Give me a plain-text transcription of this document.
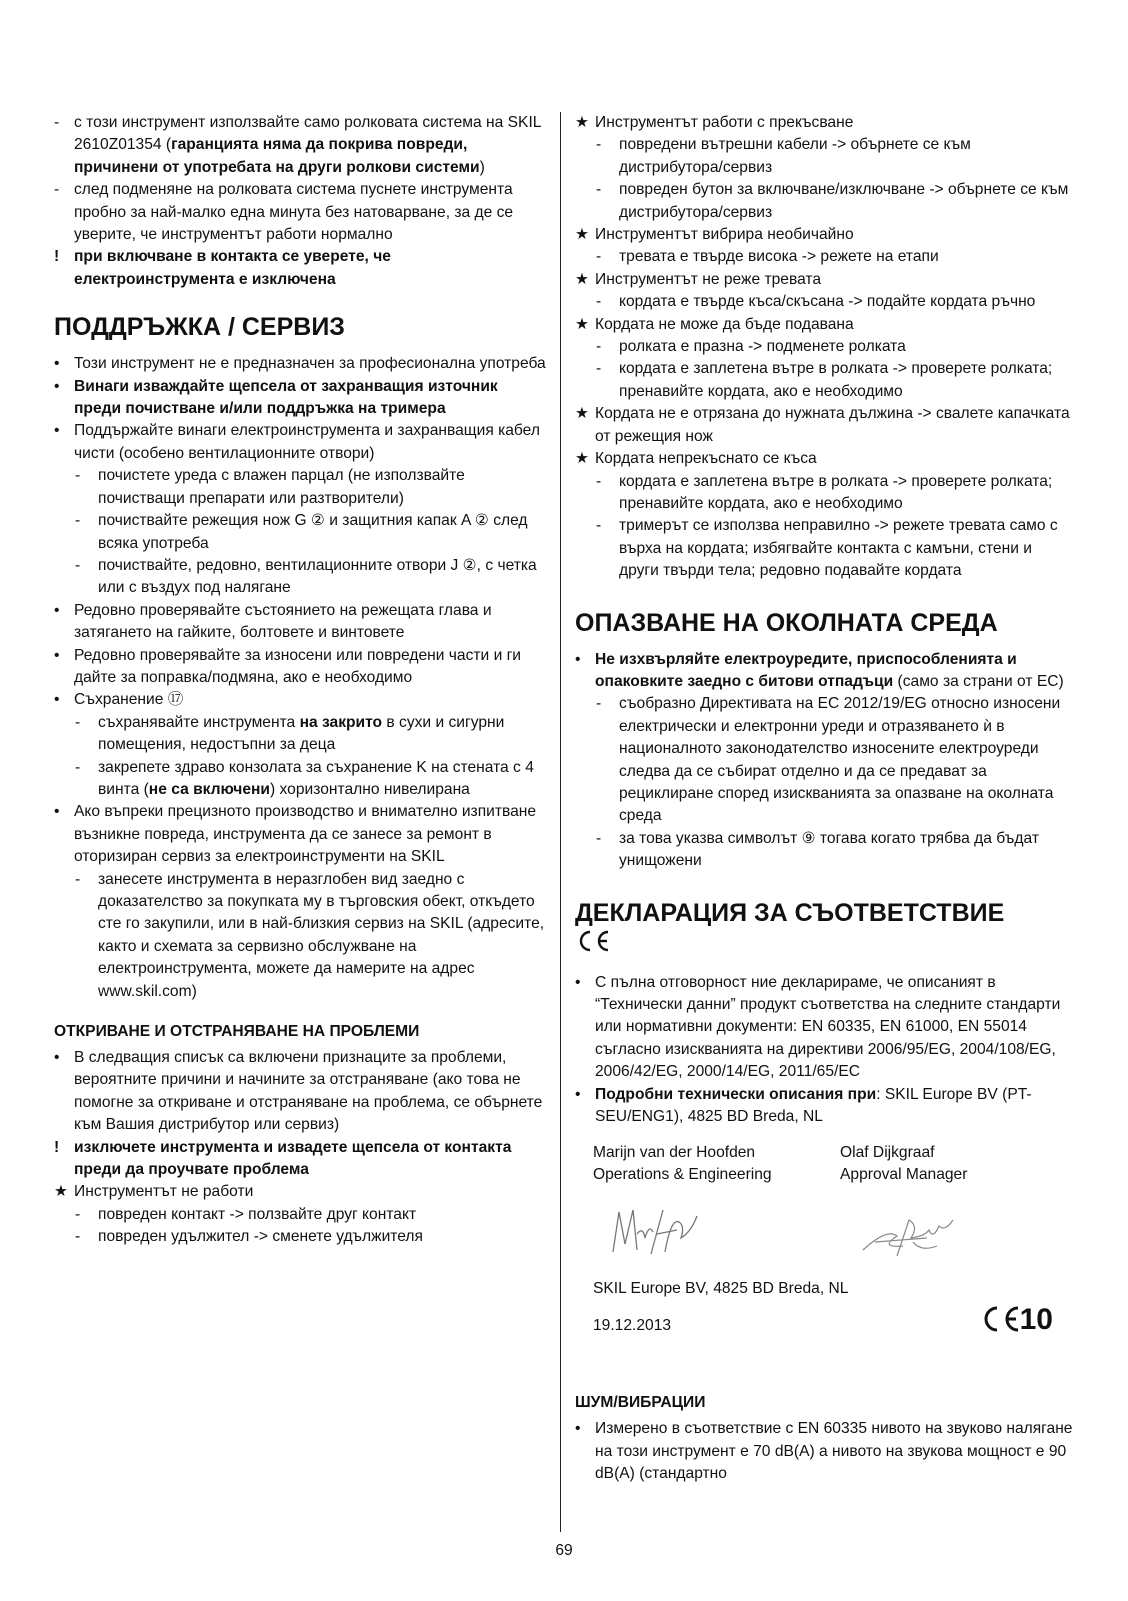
- с този инструмент използвайте само ролковата система на SKIL 2610Z01354 (гаранцията няма да покрива повреди, причинени от употребата на други ролкови системи)
- след подменяне на ролковата система пуснете инструмента пробно за най-малко една минута без натоварване, за де се уверите, че инструментът работи нормално
! при включване в контакта се уверете, че електроинструмента е изключена
ПОДДРЪЖКА / СЕРВИЗ
• Този инструмент не е предназначен за професионална употреба
• Винаги изваждайте щепсела от захранващия източник преди почистване и/или поддръжка на тримера
• Поддържайте винаги електроинструмента и захранващия кабел чисти (особено вентилационните отвори)
- почистете уреда с влажен парцал (не използвайте почистващи препарати или разтворители)
- почиствайте режещия нож G ② и защитния капак A ② след всяка употреба
- почиствайте, редовно, вентилационните отвори J ②, с четка или с въздух под налягане
• Редовно проверявайте състоянието на режещата глава и затягането на гайките, болтовете и винтовете
• Редовно проверявайте за износени или повредени части и ги дайте за поправка/подмяна, ако е необходимо
• Съхранение ⑰
- съхранявайте инструмента на закрито в сухи и сигурни помещения, недостъпни за деца
- закрепете здраво конзолата за съхранение K на стената с 4 винта (не са включени) хоризонтално нивелирана
• Ако въпреки прецизното производство и внимателно изпитване възникне повреда, инструмента да се занесе за ремонт в оторизиран сервиз за електроинструменти на SKIL
- занесете инструмента в неразглобен вид заедно с доказателство за покупката му в търговския обект, откъдето сте го закупили, или в най-близкия сервиз на SKIL (адресите, както и схемата за сервизно обслужване на електроинструмента, можете да намерите на адрес www.skil.com)
ОТКРИВАНЕ И ОТСТРАНЯВАНЕ НА ПРОБЛЕМИ
• В следващия списък са включени признаците за проблеми, вероятните причини и начините за отстраняване (ако това не помогне за откриване и отстраняване на проблема, се обърнете към Вашия дистрибутор или сервиз)
! изключете инструмента и извадете щепсела от контакта преди да проучвате проблема
★ Инструментът не работи
- повреден контакт -> ползвайте друг контакт
- повреден удължител -> сменете удължителя
★ Инструментът работи с прекъсване
- повредени вътрешни кабели -> обърнете се към дистрибутора/сервиз
- повреден бутон за включване/изключване -> обърнете се към дистрибутора/сервиз
★ Инструментът вибрира необичайно
- тревата е твърде висока -> режете на етапи
★ Инструментът не реже тревата
- кордата е твърде къса/скъсана -> подайте кордата ръчно
★ Кордата не може да бъде подавана
- ролката е празна -> подменете ролката
- кордата е заплетена вътре в ролката -> проверете ролката; пренавийте кордата, ако е необходимо
★ Кордата не е отрязана до нужната дължина -> свалете капачката от режещия нож
★ Кордата непрекъснато се къса
- кордата е заплетена вътре в ролката -> проверете ролката; пренавийте кордата, ако е необходимо
- тримерът се използва неправилно -> режете тревата само с върха на кордата; избягвайте контакта с камъни, стени и други твърди тела; редовно подавайте кордата
ОПАЗВАНЕ НА ОКОЛНАТА СРЕДА
• Не изхвърляйте електроуредите, приспособленията и опаковките заедно с битови отпадъци (само за страни от ЕС)
- съобразно Директивата на ЕС 2012/19/EG относно износени електрически и електронни уреди и отразяването ѝ в националното законодателство износените електроуреди следва да се събират отделно и да се предават за рециклиране според изискванията за опазване на околната среда
- за това указва символът ⑨ тогава когато трябва да бъдат унищожени
ДЕКЛАРАЦИЯ ЗА СЪОТВЕТСТВИЕ
• С пълна отговорност ние декларираме, че описаният в “Технически данни” продукт съответства на следните стандарти или нормативни документи: EN 60335, EN 61000, EN 55014 съгласно изискванията на директиви 2006/95/EG, 2004/108/EG, 2006/42/EG, 2000/14/EG, 2011/65/EC
• Подробни технически описания при: SKIL Europe BV (PT-SEU/ENG1), 4825 BD Breda, NL
Marijn van der Hoofden
Operations & Engineering
Olaf Dijkgraaf
Approval Manager
SKIL Europe BV, 4825 BD Breda, NL
19.12.2013	10
ШУМ/ВИБРАЦИИ
• Измерено в съответствие с EN 60335 нивото на звуково налягане на този инструмент е 70 dB(A) а нивото на звукова мощност е 90 dB(A) (стандартно
69
